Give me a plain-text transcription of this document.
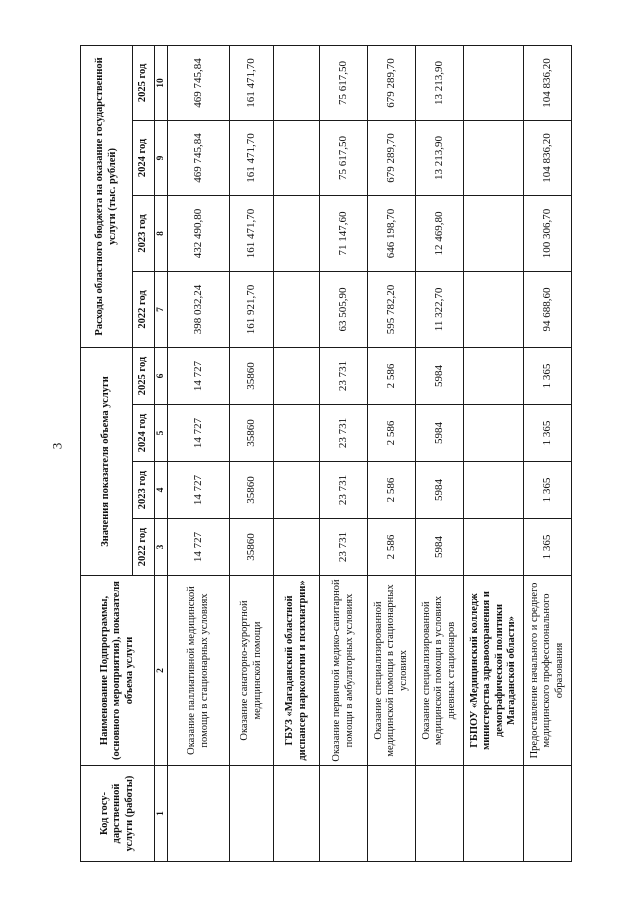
3
Код госу-дарственной услуги (работы)	Наименование Подпрограммы, (основного мероприятия), показателя объема услуги	Значения показателя объема услуги				Расходы областного бюджета на оказание государственной услуги (тыс. рублей)			
		2022 год	2023 год	2024 год	2025 год	2022 год	2023 год	2024 год	2025 год
1	2	3	4	5	6	7	8	9	10
	Оказание паллиативной медицинской помощи в стационарных условиях	14 727	14 727	14 727	14 727	398 032,24	432 490,80	469 745,84	469 745,84
	Оказание санаторно-курортной медицинской помощи	35860	35860	35860	35860	161 921,70	161 471,70	161 471,70	161 471,70
	ГБУЗ «Магаданский областной диспансер наркологии и психиатрии»								
	Оказание первичной медико-санитарной помощи в амбулаторных условиях	23 731	23 731	23 731	23 731	63 505,90	71 147,60	75 617,50	75 617,50
	Оказание специализированной медицинской помощи в стационарных условиях	2 586	2 586	2 586	2 586	595 782,20	646 198,70	679 289,70	679 289,70
	Оказание специализированной медицинской помощи в условиях дневных стационаров	5984	5984	5984	5984	11 322,70	12 469,80	13 213,90	13 213,90
	ГБПОУ «Медицинский колледж министерства здравоохранения и демографической политики Магаданской области»								
	Предоставление начального и среднего медицинского профессионального образования	1 365	1 365	1 365	1 365	94 688,60	100 306,70	104 836,20	104 836,20
